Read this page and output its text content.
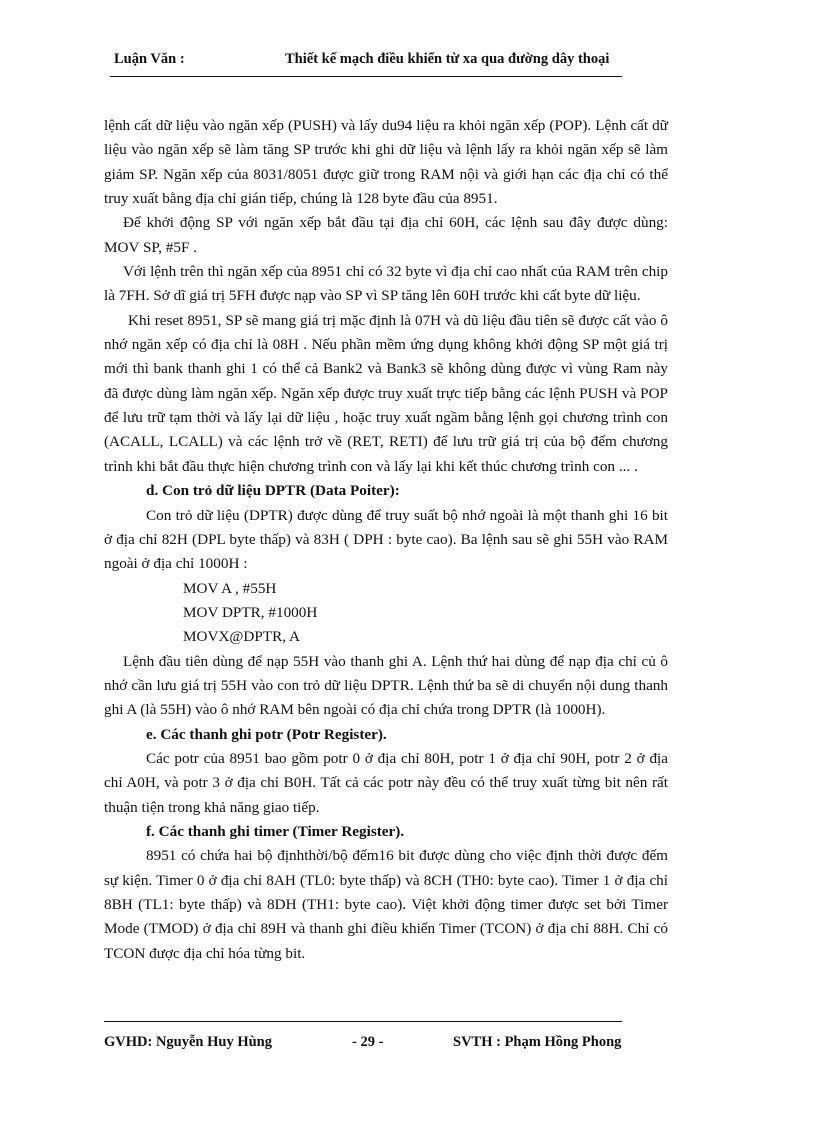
Luận Văn :	Thiết kế mạch điều khiển từ xa qua đường dây thoại

lệnh cất dữ liệu vào ngăn xếp (PUSH) và lấy du94 liệu ra khỏi ngăn xếp (POP). Lệnh cất dữ liệu vào ngăn xếp sẽ làm tăng SP trước khi ghi dữ liệu và lệnh lấy ra khỏi ngăn xếp sẽ làm giảm SP. Ngăn xếp của 8031/8051 được giữ trong RAM nội và giới hạn các địa chỉ có thể truy xuất bằng địa chỉ gián tiếp, chúng là 128 byte đầu của 8951.

Để khởi động SP với ngăn xếp bắt đầu tại địa chỉ 60H, các lệnh sau đây được dùng: MOV SP, #5F .

Với lệnh trên thì ngăn xếp của 8951 chỉ có 32 byte vì địa chỉ cao nhất của RAM trên chip là 7FH. Sở dĩ giá trị 5FH được nạp vào SP vì SP tăng lên 60H trước khi cất byte dữ liệu.

Khi reset 8951, SP sẽ mang giá trị mặc định là 07H và dũ liệu đầu tiên sẽ được cất vào ô nhớ ngăn xếp có địa chỉ là 08H . Nếu phần mềm ứng dụng không khởi động SP một giá trị mới thì bank thanh ghi 1 có thể cả Bank2 và Bank3 sẽ không dùng được vì vùng Ram này đã được dùng làm ngăn xếp. Ngăn xếp được truy xuất trực tiếp bằng các lệnh PUSH và POP để lưu trữ tạm thời và lấy lại dữ liệu , hoặc truy xuất ngầm bằng lệnh gọi chương trình con (ACALL, LCALL) và các lệnh trở về (RET, RETI) để lưu trữ giá trị của bộ đếm chương trình khi bắt đầu thực hiện chương trình con và lấy lại khi kết thúc chương trình con ... .

d. Con trỏ dữ liệu DPTR (Data Poiter):

Con trỏ dữ liệu (DPTR) được dùng để truy suất bộ nhớ ngoài là một thanh ghi 16 bit ở địa chỉ 82H (DPL byte thấp) và 83H ( DPH : byte cao). Ba lệnh sau sẽ ghi 55H vào RAM ngoài ở địa chỉ 1000H :

MOV A , #55H

MOV DPTR, #1000H

MOVX@DPTR, A

Lệnh đầu tiên dùng để nạp 55H vào thanh ghi A. Lệnh thứ hai dùng để nạp địa chỉ củ ô nhớ cần lưu giá trị 55H vào con trỏ dữ liệu DPTR. Lệnh thứ ba sẽ di chuyển nội dung thanh ghi A (là 55H) vào ô nhớ RAM bên ngoài có địa chỉ chứa trong DPTR (là 1000H).

e. Các thanh ghi potr (Potr Register).

Các potr của 8951 bao gồm potr 0 ở địa chỉ 80H, potr 1 ở địa chỉ 90H, potr 2 ở địa chỉ A0H, và potr 3 ở địa chỉ B0H. Tất cả các potr này đều có thể truy xuất từng bit nên rất thuận tiện trong khả năng giao tiếp.

f. Các thanh ghi timer (Timer Register).

8951 có chứa hai bộ địnhthời/bộ đếm16 bit được dùng cho việc định thời được đếm sự kiện. Timer 0 ở địa chỉ 8AH (TL0: byte thấp) và 8CH (TH0: byte cao). Timer 1 ở địa chỉ 8BH (TL1: byte thấp) và 8DH (TH1: byte cao). Việt khởi động timer được set bởi Timer Mode (TMOD) ở địa chỉ 89H và thanh ghi điều khiển Timer (TCON) ở địa chỉ 88H. Chỉ có TCON được địa chỉ hóa từng bit.

GVHD: Nguyễn Huy Hùng	- 29 -	SVTH : Phạm Hồng Phong
